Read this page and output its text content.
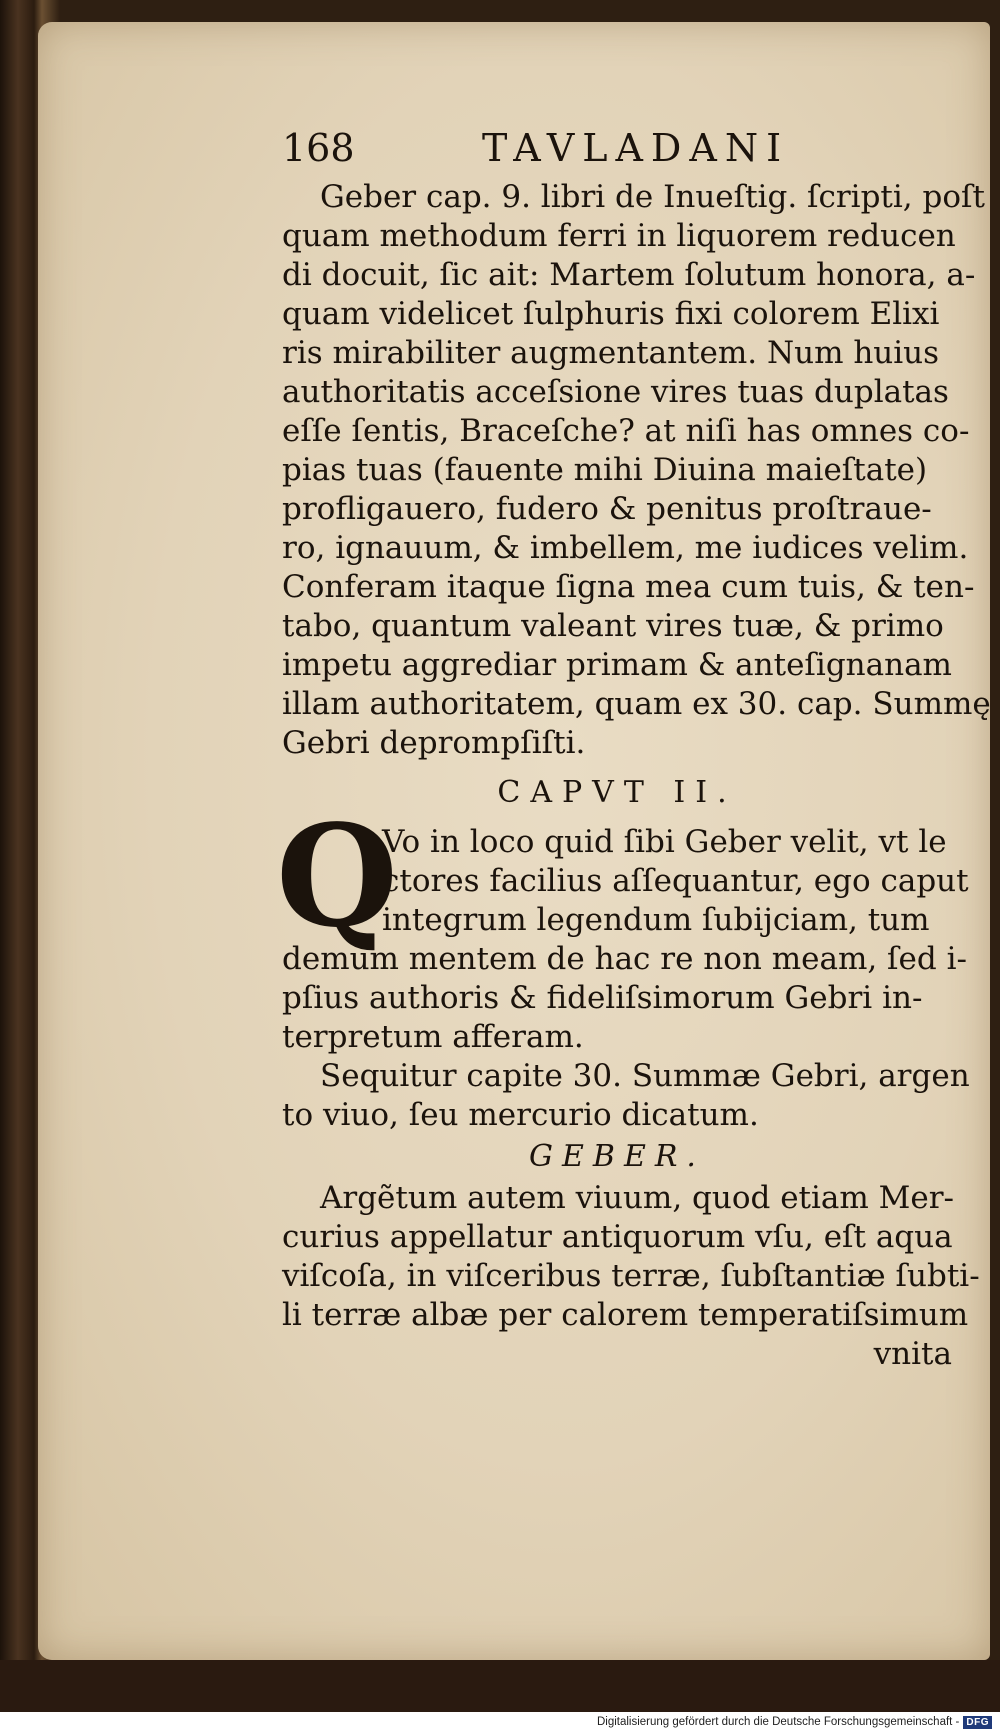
168	TAVLADANI
Geber cap. 9. libri de Inueſtig. ſcripti, poſt
quam methodum ferri in liquorem reducen
di docuit, ſic ait: Martem ſolutum honora, a-
quam videlicet ſulphuris fixi colorem Elixi
ris mirabiliter augmentantem. Num huius
authoritatis acceſsione vires tuas duplatas
eſſe ſentis, Braceſche? at niſi has omnes co-
pias tuas (fauente mihi Diuina maieſtate)
profligauero, fudero & penitus proſtraue-
ro, ignauum, & imbellem, me iudices velim.
Conferam itaque ſigna mea cum tuis, & ten-
tabo, quantum valeant vires tuæ, & primo
impetu aggrediar primam & anteſignanam
illam authoritatem, quam ex 30. cap. Summę
Gebri deprompſiſti.
CAPVT II.
Q
Vo in loco quid ſibi Geber velit, vt le
ctores facilius aſſequantur, ego caput
integrum legendum ſubijciam, tum
demum mentem de hac re non meam, ſed i-
pſius authoris & fideliſsimorum Gebri in-
terpretum afferam.
Sequitur capite 30. Summæ Gebri, argen
to viuo, ſeu mercurio dicatum.
GEBER.
Argẽtum autem viuum, quod etiam Mer-
curius appellatur antiquorum vſu, eſt aqua
viſcoſa, in viſceribus terræ, ſubſtantiæ ſubti-
li terræ albæ per calorem temperatiſsimum
vnita
Digitalisierung gefördert durch die Deutsche Forschungsgemeinschaft - DFG
